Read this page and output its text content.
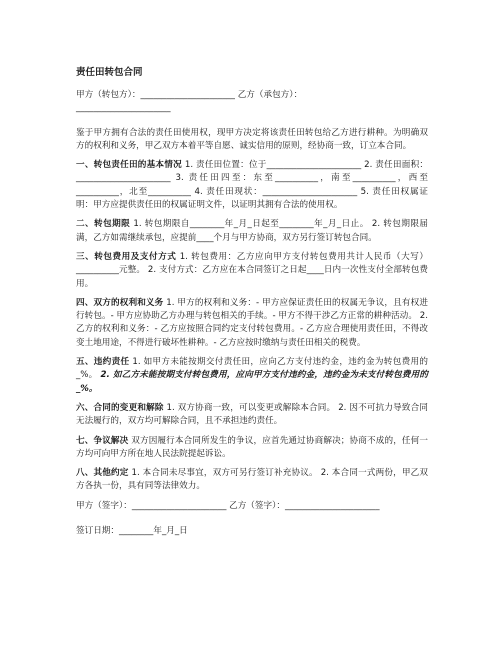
责任田转包合同

甲方（转包方）：______________________ 乙方（承包方）：
______________________

鉴于甲方拥有合法的责任田使用权，现甲方决定将该责任田转包给乙方进行耕种。为明确双方的权利和义务，甲乙双方本着平等自愿、诚实信用的原则，经协商一致，订立本合同。

一、转包责任田的基本情况 1. 责任田位置：位于______________________ 2. 责任田面积：______________________ 3. 责任田四至：东至__________，南至__________，西至__________，北至__________ 4. 责任田现状：______________________ 5. 责任田权属证明：甲方应提供责任田的权属证明文件，以证明其拥有合法的使用权。

二、转包期限 1. 转包期限自________年_月_日起至________年_月_日止。 2. 转包期限届满，乙方如需继续承包，应提前____个月与甲方协商，双方另行签订转包合同。

三、转包费用及支付方式 1. 转包费用：乙方应向甲方支付转包费用共计人民币（大写）__________元整。 2. 支付方式：乙方应在本合同签订之日起____日内一次性支付全部转包费用。

四、双方的权利和义务 1. 甲方的权利和义务：- 甲方应保证责任田的权属无争议，且有权进行转包。- 甲方应协助乙方办理与转包相关的手续。- 甲方不得干涉乙方正常的耕种活动。 2. 乙方的权利和义务：- 乙方应按照合同约定支付转包费用。- 乙方应合理使用责任田，不得改变土地用途，不得进行破坏性耕种。- 乙方应按时缴纳与责任田相关的税费。

五、违约责任 1. 如甲方未能按期交付责任田，应向乙方支付违约金，违约金为转包费用的_%。 2. 如乙方未能按期支付转包费用，应向甲方支付违约金，违约金为未支付转包费用的_%。

六、合同的变更和解除 1. 双方协商一致，可以变更或解除本合同。 2. 因不可抗力导致合同无法履行的，双方均可解除合同，且不承担违约责任。

七、争议解决 双方因履行本合同所发生的争议，应首先通过协商解决；协商不成的，任何一方均可向甲方所在地人民法院提起诉讼。

八、其他约定 1. 本合同未尽事宜，双方可另行签订补充协议。 2. 本合同一式两份，甲乙双方各执一份，具有同等法律效力。

甲方（签字）：______________________ 乙方（签字）：______________________

签订日期：________年_月_日
